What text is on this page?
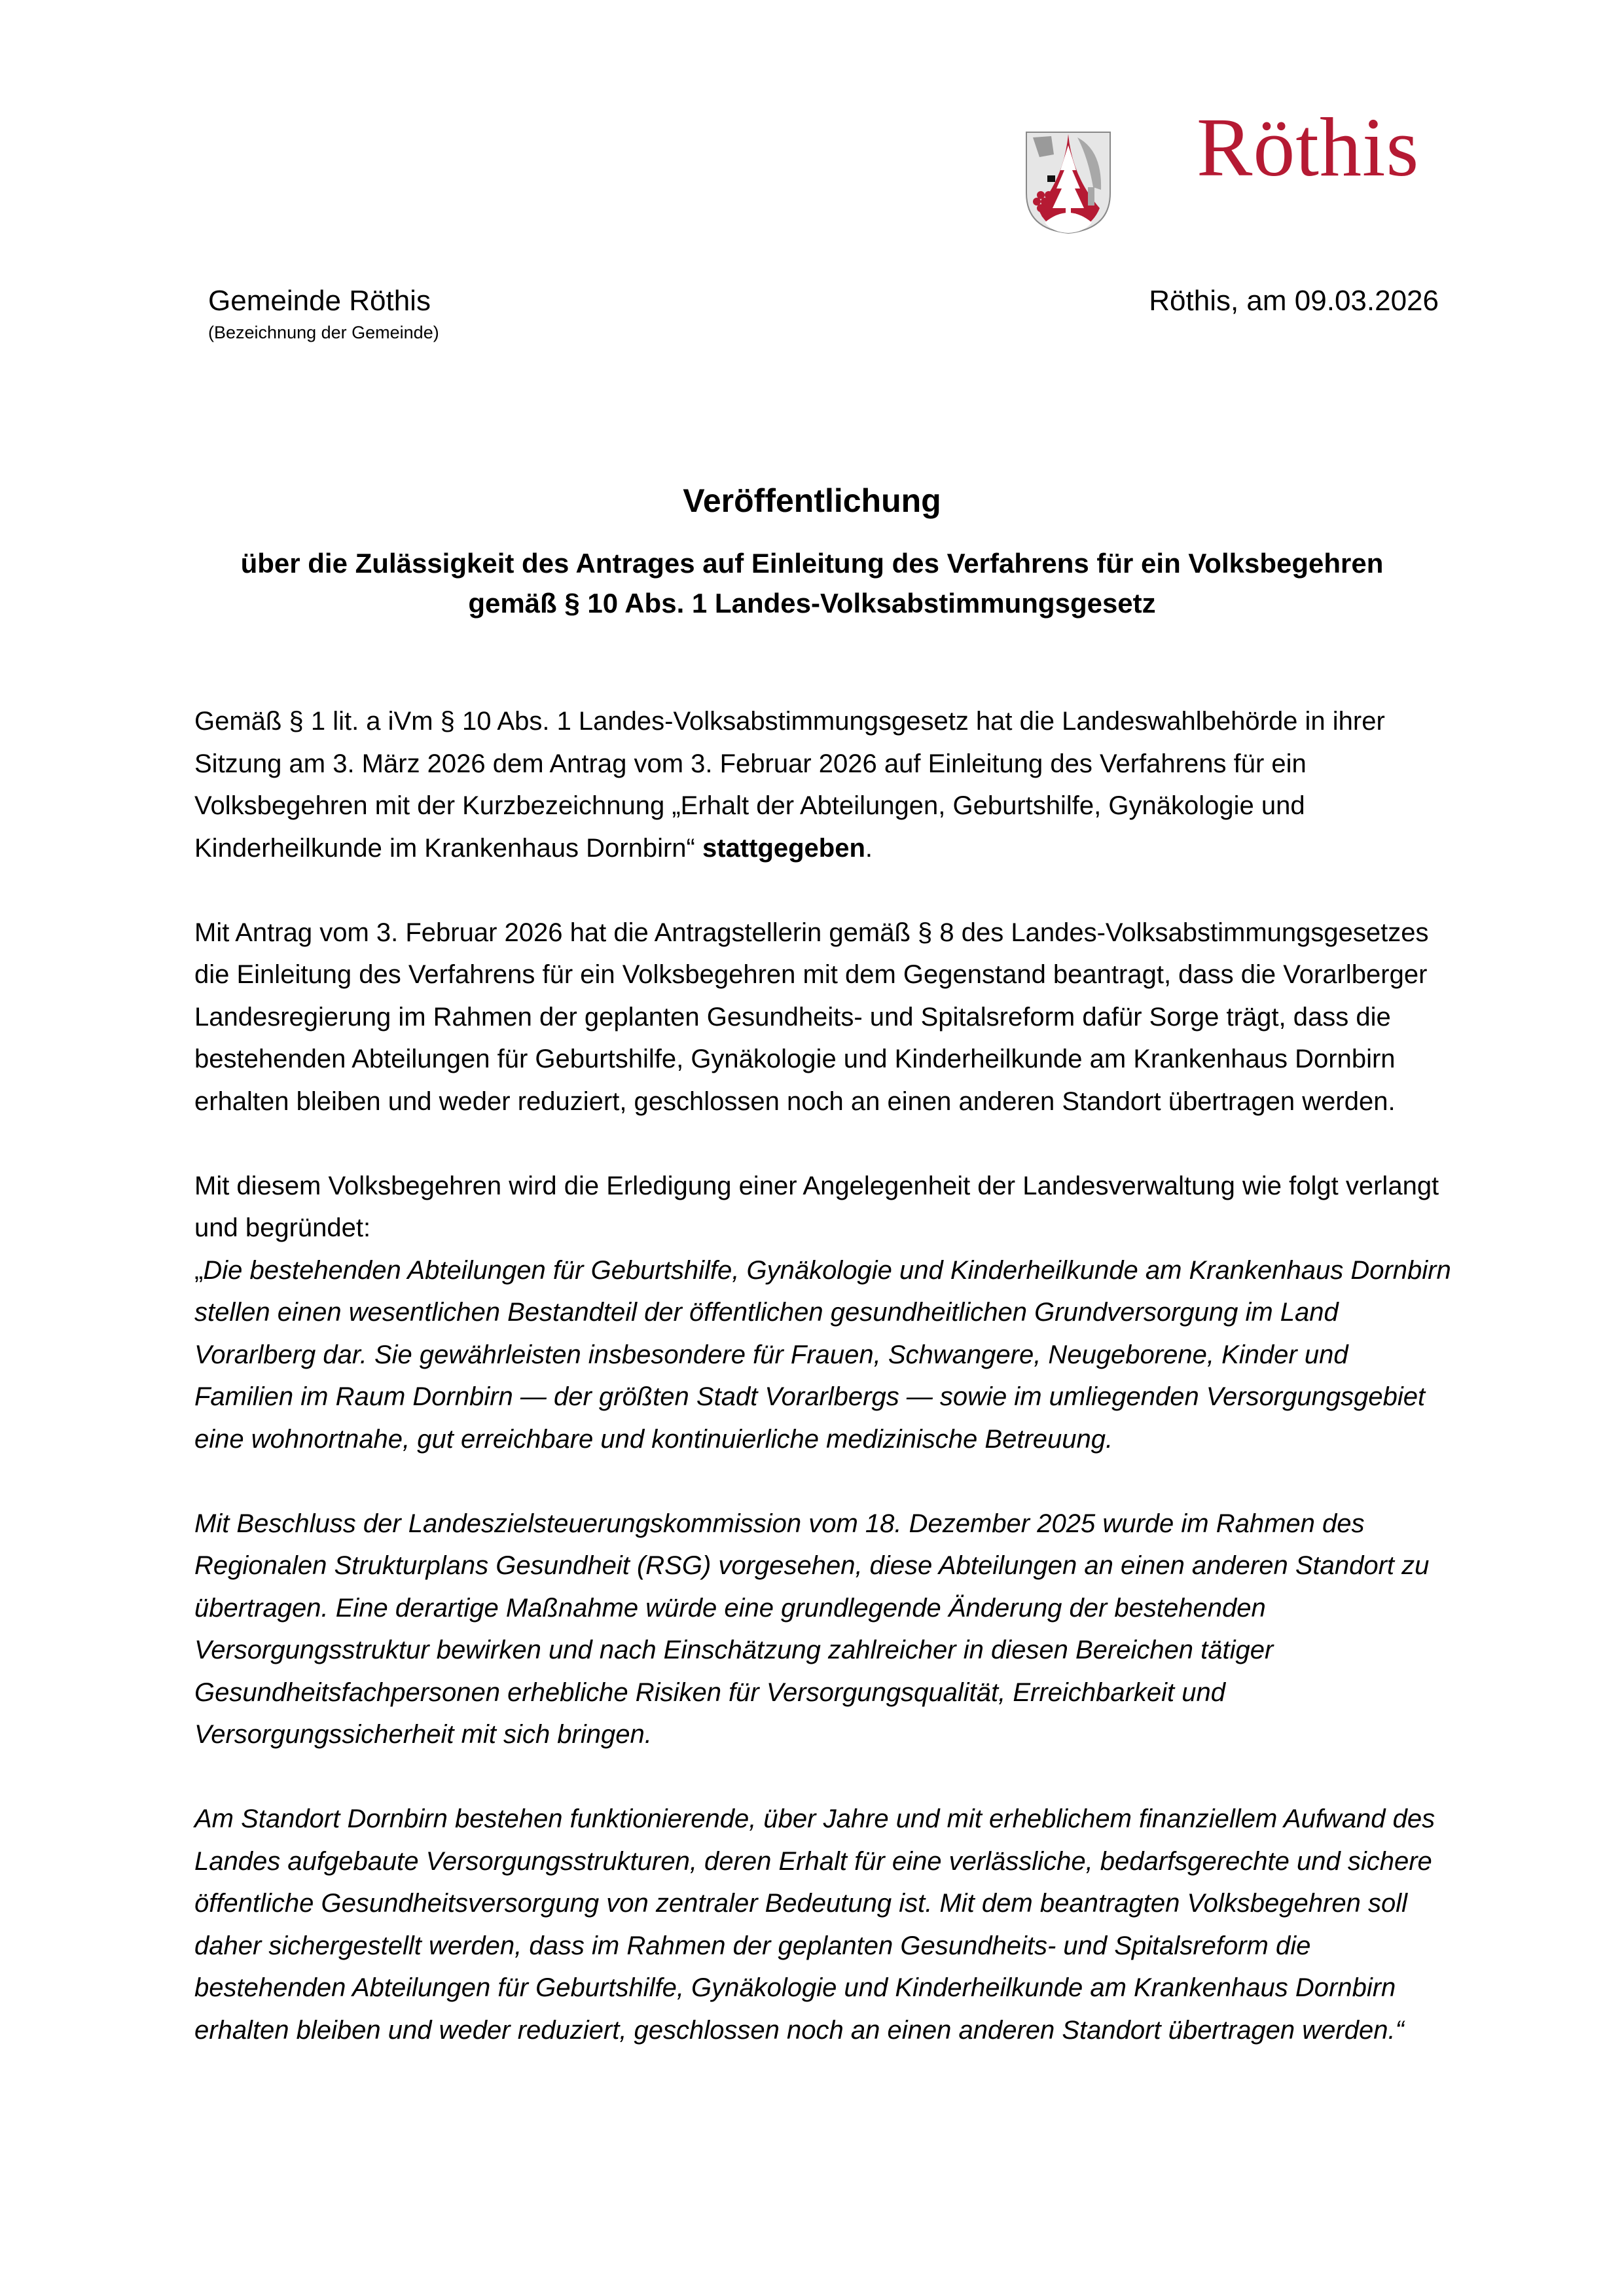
Röthis
Gemeinde Röthis
(Bezeichnung der Gemeinde)
Röthis, am 09.03.2026
Veröffentlichung
über die Zulässigkeit des Antrages auf Einleitung des Verfahrens für ein Volksbegehren
gemäß § 10 Abs. 1 Landes-Volksabstimmungsgesetz

Gemäß § 1 lit. a iVm § 10 Abs. 1 Landes-Volksabstimmungsgesetz hat die Landeswahlbehörde in ihrer Sitzung am 3. März 2026 dem Antrag vom 3. Februar 2026 auf Einleitung des Verfahrens für ein Volksbegehren mit der Kurzbezeichnung „Erhalt der Abteilungen, Geburtshilfe, Gynäkologie und Kinderheilkunde im Krankenhaus Dornbirn“ stattgegeben.

Mit Antrag vom 3. Februar 2026 hat die Antragstellerin gemäß § 8 des Landes-Volksabstimmungsgesetzes die Einleitung des Verfahrens für ein Volksbegehren mit dem Gegenstand beantragt, dass die Vorarlberger Landesregierung im Rahmen der geplanten Gesundheits- und Spitalsreform dafür Sorge trägt, dass die bestehenden Abteilungen für Geburtshilfe, Gynäkologie und Kinderheilkunde am Krankenhaus Dornbirn erhalten bleiben und weder reduziert, geschlossen noch an einen anderen Standort übertragen werden.

Mit diesem Volksbegehren wird die Erledigung einer Angelegenheit der Landesverwaltung wie folgt verlangt und begründet:
„Die bestehenden Abteilungen für Geburtshilfe, Gynäkologie und Kinderheilkunde am Krankenhaus Dornbirn stellen einen wesentlichen Bestandteil der öffentlichen gesundheitlichen Grundversorgung im Land Vorarlberg dar. Sie gewährleisten insbesondere für Frauen, Schwangere, Neugeborene, Kinder und Familien im Raum Dornbirn — der größten Stadt Vorarlbergs — sowie im umliegenden Versorgungsgebiet eine wohnortnahe, gut erreichbare und kontinuierliche medizinische Betreuung.

Mit Beschluss der Landeszielsteuerungskommission vom 18. Dezember 2025 wurde im Rahmen des Regionalen Strukturplans Gesundheit (RSG) vorgesehen, diese Abteilungen an einen anderen Standort zu übertragen. Eine derartige Maßnahme würde eine grundlegende Änderung der bestehenden Versorgungsstruktur bewirken und nach Einschätzung zahlreicher in diesen Bereichen tätiger Gesundheitsfachpersonen erhebliche Risiken für Versorgungsqualität, Erreichbarkeit und Versorgungssicherheit mit sich bringen.

Am Standort Dornbirn bestehen funktionierende, über Jahre und mit erheblichem finanziellem Aufwand des Landes aufgebaute Versorgungsstrukturen, deren Erhalt für eine verlässliche, bedarfsgerechte und sichere öffentliche Gesundheitsversorgung von zentraler Bedeutung ist. Mit dem beantragten Volksbegehren soll daher sichergestellt werden, dass im Rahmen der geplanten Gesundheits- und Spitalsreform die bestehenden Abteilungen für Geburtshilfe, Gynäkologie und Kinderheilkunde am Krankenhaus Dornbirn erhalten bleiben und weder reduziert, geschlossen noch an einen anderen Standort übertragen werden.“
